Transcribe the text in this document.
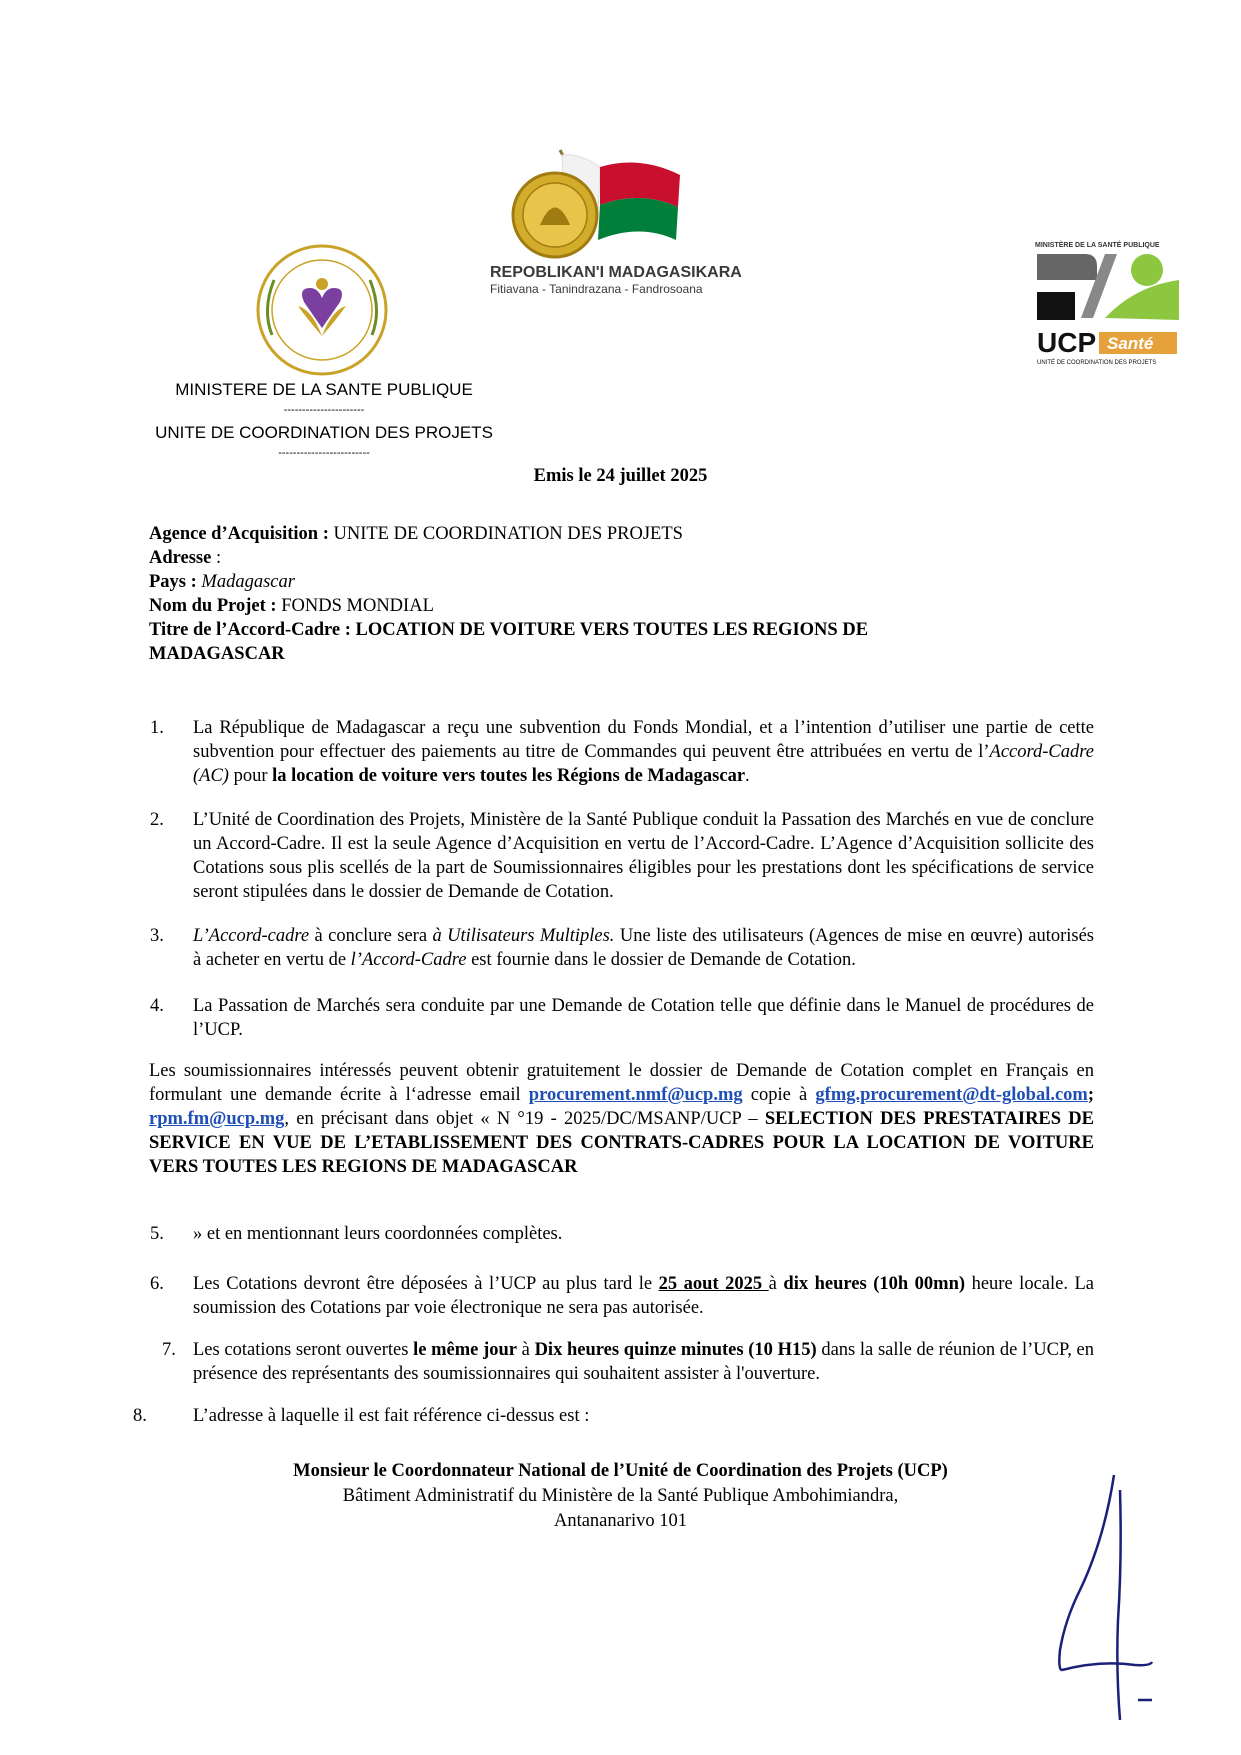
REPOBLIKAN'I MADAGASIKARA
Fitiavana - Tanindrazana - Fandrosoana
MINISTÈRE DE LA SANTÉ PUBLIQUE
UCP Santé
UNITÉ DE COORDINATION DES PROJETS
MINISTERE DE LA SANTE PUBLIQUE
----------------------
UNITE DE COORDINATION DES PROJETS
-------------------------
Emis le 24 juillet 2025
Agence d’Acquisition : UNITE DE COORDINATION DES PROJETS
Adresse :
Pays : Madagascar
Nom du Projet : FONDS MONDIAL
Titre de l’Accord-Cadre : LOCATION DE VOITURE VERS TOUTES LES REGIONS DE MADAGASCAR
1. La République de Madagascar a reçu une subvention du Fonds Mondial, et a l’intention d’utiliser une partie de cette subvention pour effectuer des paiements au titre de Commandes qui peuvent être attribuées en vertu de l’Accord-Cadre (AC) pour la location de voiture vers toutes les Régions de Madagascar.
2. L’Unité de Coordination des Projets, Ministère de la Santé Publique conduit la Passation des Marchés en vue de conclure un Accord-Cadre. Il est la seule Agence d’Acquisition en vertu de l’Accord-Cadre. L’Agence d’Acquisition sollicite des Cotations sous plis scellés de la part de Soumissionnaires éligibles pour les prestations dont les spécifications de service seront stipulées dans le dossier de Demande de Cotation.
3. L’Accord-cadre à conclure sera à Utilisateurs Multiples. Une liste des utilisateurs (Agences de mise en œuvre) autorisés à acheter en vertu de l’Accord-Cadre est fournie dans le dossier de Demande de Cotation.
4. La Passation de Marchés sera conduite par une Demande de Cotation telle que définie dans le Manuel de procédures de l’UCP.
Les soumissionnaires intéressés peuvent obtenir gratuitement le dossier de Demande de Cotation complet en Français en formulant une demande écrite à l‘adresse email procurement.nmf@ucp.mg copie à gfmg.procurement@dt-global.com; rpm.fm@ucp.mg, en précisant dans objet « N °19 - 2025/DC/MSANP/UCP – SELECTION DES PRESTATAIRES DE SERVICE EN VUE DE L’ETABLISSEMENT DES CONTRATS-CADRES POUR LA LOCATION DE VOITURE VERS TOUTES LES REGIONS DE MADAGASCAR
5. » et en mentionnant leurs coordonnées complètes.
6. Les Cotations devront être déposées à l’UCP au plus tard le 25 aout 2025 à dix heures (10h 00mn) heure locale. La soumission des Cotations par voie électronique ne sera pas autorisée.
7. Les cotations seront ouvertes le même jour à Dix heures quinze minutes (10 H15) dans la salle de réunion de l’UCP, en présence des représentants des soumissionnaires qui souhaitent assister à l'ouverture.
8. L’adresse à laquelle il est fait référence ci-dessus est :
Monsieur le Coordonnateur National de l’Unité de Coordination des Projets (UCP)
Bâtiment Administratif du Ministère de la Santé Publique Ambohimiandra,
Antananarivo 101
